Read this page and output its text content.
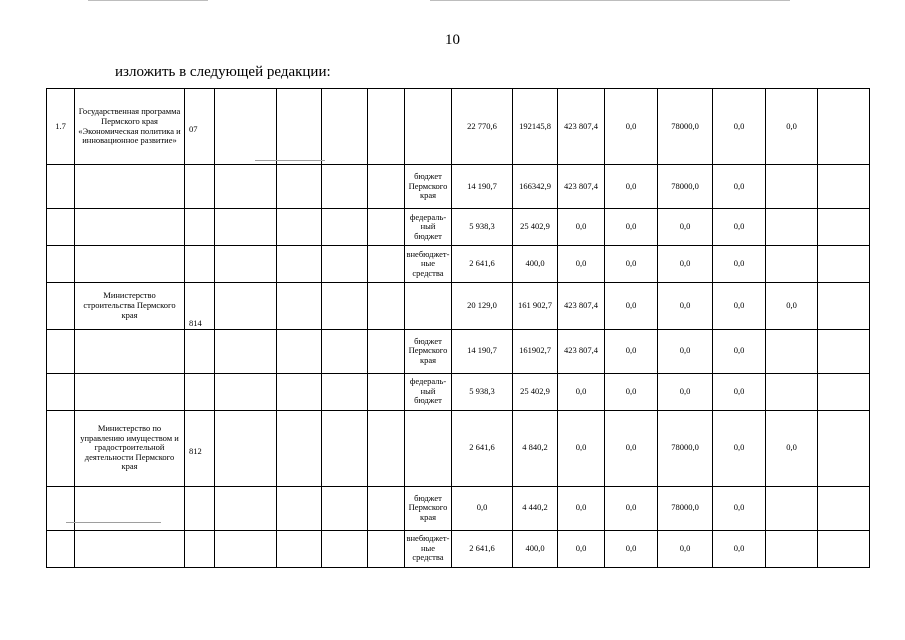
10
изложить в следующей редакции:
1.7	Государственная программа Пермского края «Экономическая политика и инновационное развитие»	07						22 770,6	192145,8	423 807,4	0,0	78000,0	0,0	0,0	
							бюджет Пермского края	14 190,7	166342,9	423 807,4	0,0	78000,0	0,0		
							федераль-ный бюджет	5 938,3	25 402,9	0,0	0,0	0,0	0,0		
							внебюджет-ные средства	2 641,6	400,0	0,0	0,0	0,0	0,0		
	Министерство строительства Пермского края	814						20 129,0	161 902,7	423 807,4	0,0	0,0	0,0	0,0	
							бюджет Пермского края	14 190,7	161902,7	423 807,4	0,0	0,0	0,0		
							федераль-ный бюджет	5 938,3	25 402,9	0,0	0,0	0,0	0,0		
	Министерство по управлению имуществом и градостроительной деятельности Пермского края	812						2 641,6	4 840,2	0,0	0,0	78000,0	0,0	0,0	
							бюджет Пермского края	0,0	4 440,2	0,0	0,0	78000,0	0,0		
							внебюджет-ные средства	2 641,6	400,0	0,0	0,0	0,0	0,0		
